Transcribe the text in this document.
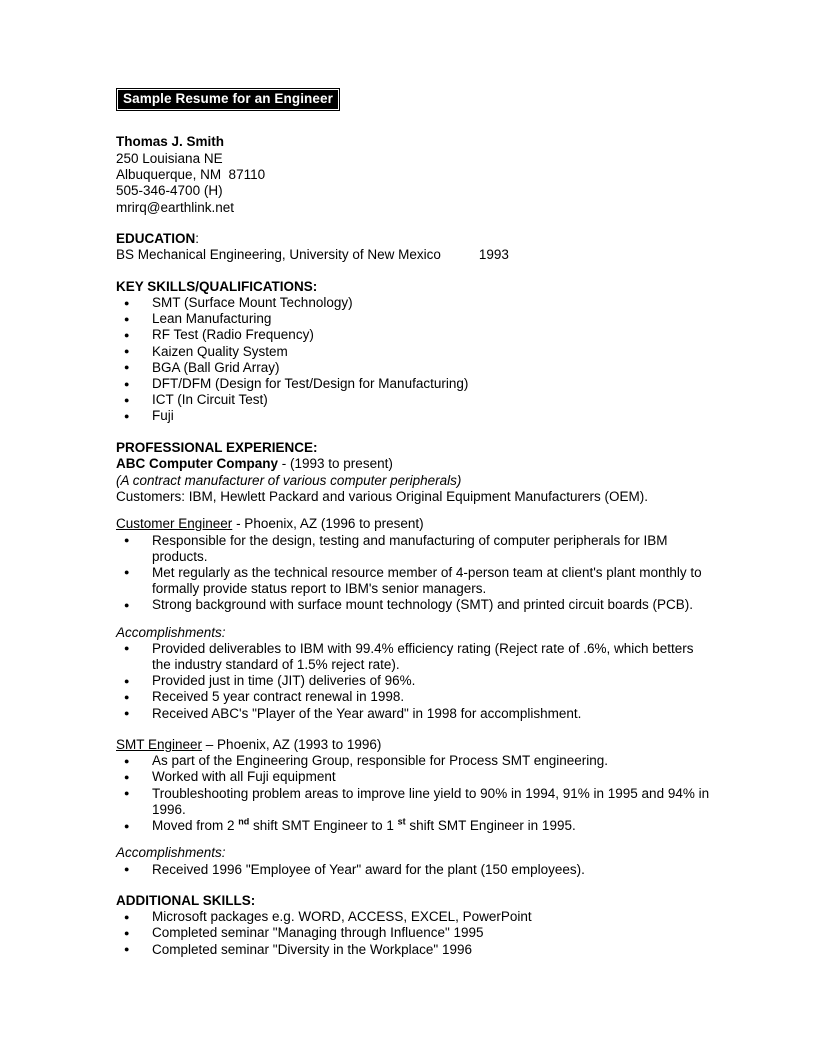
Sample Resume for an Engineer
Thomas J. Smith
250 Louisiana NE
Albuquerque, NM  87110
505-346-4700 (H)
mrirq@earthlink.net
EDUCATION:
BS Mechanical Engineering, University of New Mexico	1993
KEY SKILLS/QUALIFICATIONS:
● SMT (Surface Mount Technology)
● Lean Manufacturing
● RF Test (Radio Frequency)
● Kaizen Quality System
● BGA (Ball Grid Array)
● DFT/DFM (Design for Test/Design for Manufacturing)
● ICT (In Circuit Test)
● Fuji
PROFESSIONAL EXPERIENCE:
ABC Computer Company - (1993 to present)
(A contract manufacturer of various computer peripherals)
Customers: IBM, Hewlett Packard and various Original Equipment Manufacturers (OEM).
Customer Engineer - Phoenix, AZ (1996 to present)
● Responsible for the design, testing and manufacturing of computer peripherals for IBM products.
● Met regularly as the technical resource member of 4-person team at client's plant monthly to formally provide status report to IBM's senior managers.
● Strong background with surface mount technology (SMT) and printed circuit boards (PCB).
Accomplishments:
● Provided deliverables to IBM with 99.4% efficiency rating (Reject rate of .6%, which betters the industry standard of 1.5% reject rate).
● Provided just in time (JIT) deliveries of 96%.
● Received 5 year contract renewal in 1998.
● Received ABC's "Player of the Year award" in 1998 for accomplishment.
SMT Engineer – Phoenix, AZ (1993 to 1996)
● As part of the Engineering Group, responsible for Process SMT engineering.
● Worked with all Fuji equipment
● Troubleshooting problem areas to improve line yield to 90% in 1994, 91% in 1995 and 94% in 1996.
● Moved from 2 $^{nd}$ shift SMT Engineer to 1 $^{st}$ shift SMT Engineer in 1995.
Accomplishments:
● Received 1996 "Employee of Year" award for the plant (150 employees).
ADDITIONAL SKILLS:
● Microsoft packages e.g. WORD, ACCESS, EXCEL, PowerPoint
● Completed seminar "Managing through Influence" 1995
● Completed seminar "Diversity in the Workplace" 1996
